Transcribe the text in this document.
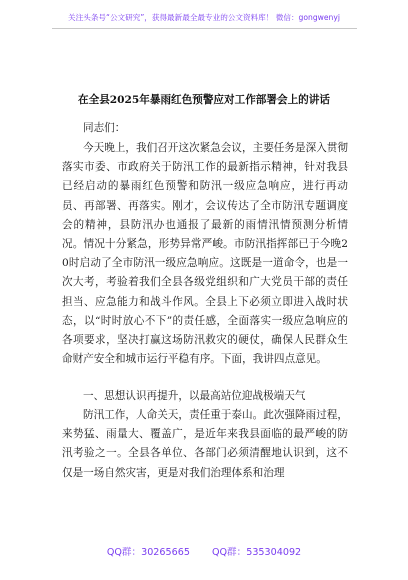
关注头条号“公文研究”，获得最新最全最专业的公文资料库！ 微信：gongwenyj
在全县2025年暴雨红色预警应对工作部署会上的讲话
同志们：
今天晚上，我们召开这次紧急会议，主要任务是深入贯彻落实市委、市政府关于防汛工作的最新指示精神，针对我县已经启动的暴雨红色预警和防汛一级应急响应，进行再动员、再部署、再落实。刚才，会议传达了全市防汛专题调度会的精神，县防汛办也通报了最新的雨情汛情预测分析情况。情况十分紧急，形势异常严峻。市防汛指挥部已于今晚20时启动了全市防汛一级应急响应。这既是一道命令，也是一次大考，考验着我们全县各级党组织和广大党员干部的责任担当、应急能力和战斗作风。全县上下必须立即进入战时状态，以“时时放心不下”的责任感，全面落实一级应急响应的各项要求，坚决打赢这场防汛救灾的硬仗，确保人民群众生命财产安全和城市运行平稳有序。下面，我讲四点意见。
一、思想认识再提升，以最高站位迎战极端天气
防汛工作，人命关天，责任重于泰山。此次强降雨过程，来势猛、雨量大、覆盖广，是近年来我县面临的最严峻的防汛考验之一。全县各单位、各部门必须清醒地认识到，这不仅是一场自然灾害，更是对我们治理体系和治理
QQ群：30265665 QQ群：535304092
